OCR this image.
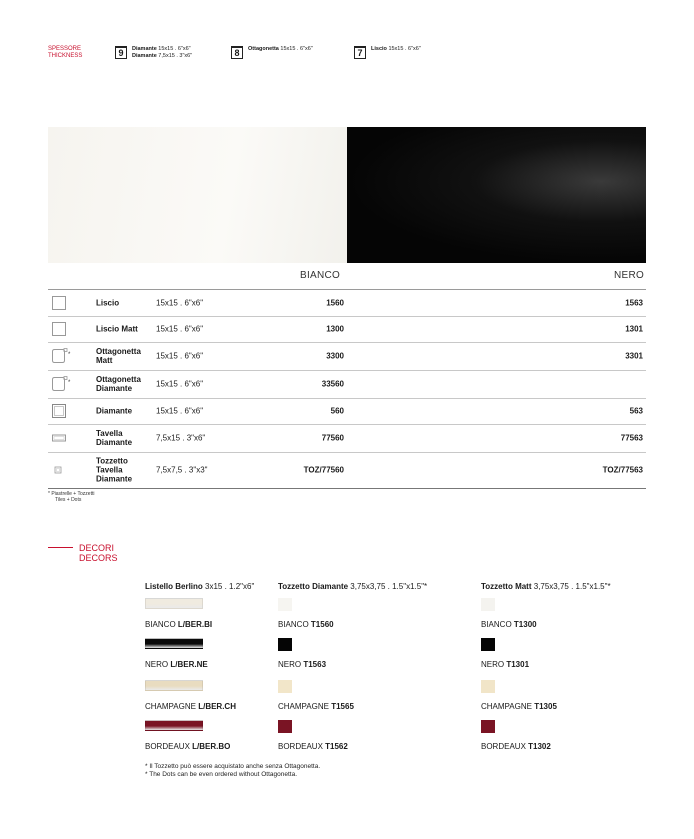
SPESSORE
THICKNESS	9	Diamante 15x15 . 6"x6"
Diamante 7,5x15 . 3"x6"	8	Ottagonetta 15x15 . 6"x6"	7	Liscio 15x15 . 6"x6"
BIANCO	NERO
Liscio	15x15 . 6"x6"	1560	1563
Liscio Matt 15x15 . 6"x6"	1300	1301
*	Ottagonetta Matt	15x15 . 6"x6"	3300	3301
*	Ottagonetta Diamante	15x15 . 6"x6"	33560
Diamante	15x15 . 6"x6"	560	563
Tavella Diamante	7,5x15 . 3"x6"	77560	77563
Tozzetto Tavella Diamante
7,5x7,5 . 3"x3"	TOZ/77560	TOZ/77563
* Piastrelle + Tozzetti
Tiles + Dots
DECORI
DECORS
Listello Berlino 3x15 . 1.2"x6"
BIANCO L/BER.BI
NERO L/BER.NE
CHAMPAGNE L/BER.CH
BORDEAUX L/BER.BO
Tozzetto Diamante 3,75x3,75 . 1.5"x1.5"*
BIANCO T1560
NERO T1563
CHAMPAGNE T1565
BORDEAUX T1562
Tozzetto Matt 3,75x3,75 . 1.5"x1.5"*
BIANCO T1300
NERO T1301
CHAMPAGNE T1305
BORDEAUX T1302
* Il Tozzetto può essere acquistato anche senza Ottagonetta.
* The Dots can be even ordered without Ottagonetta.
